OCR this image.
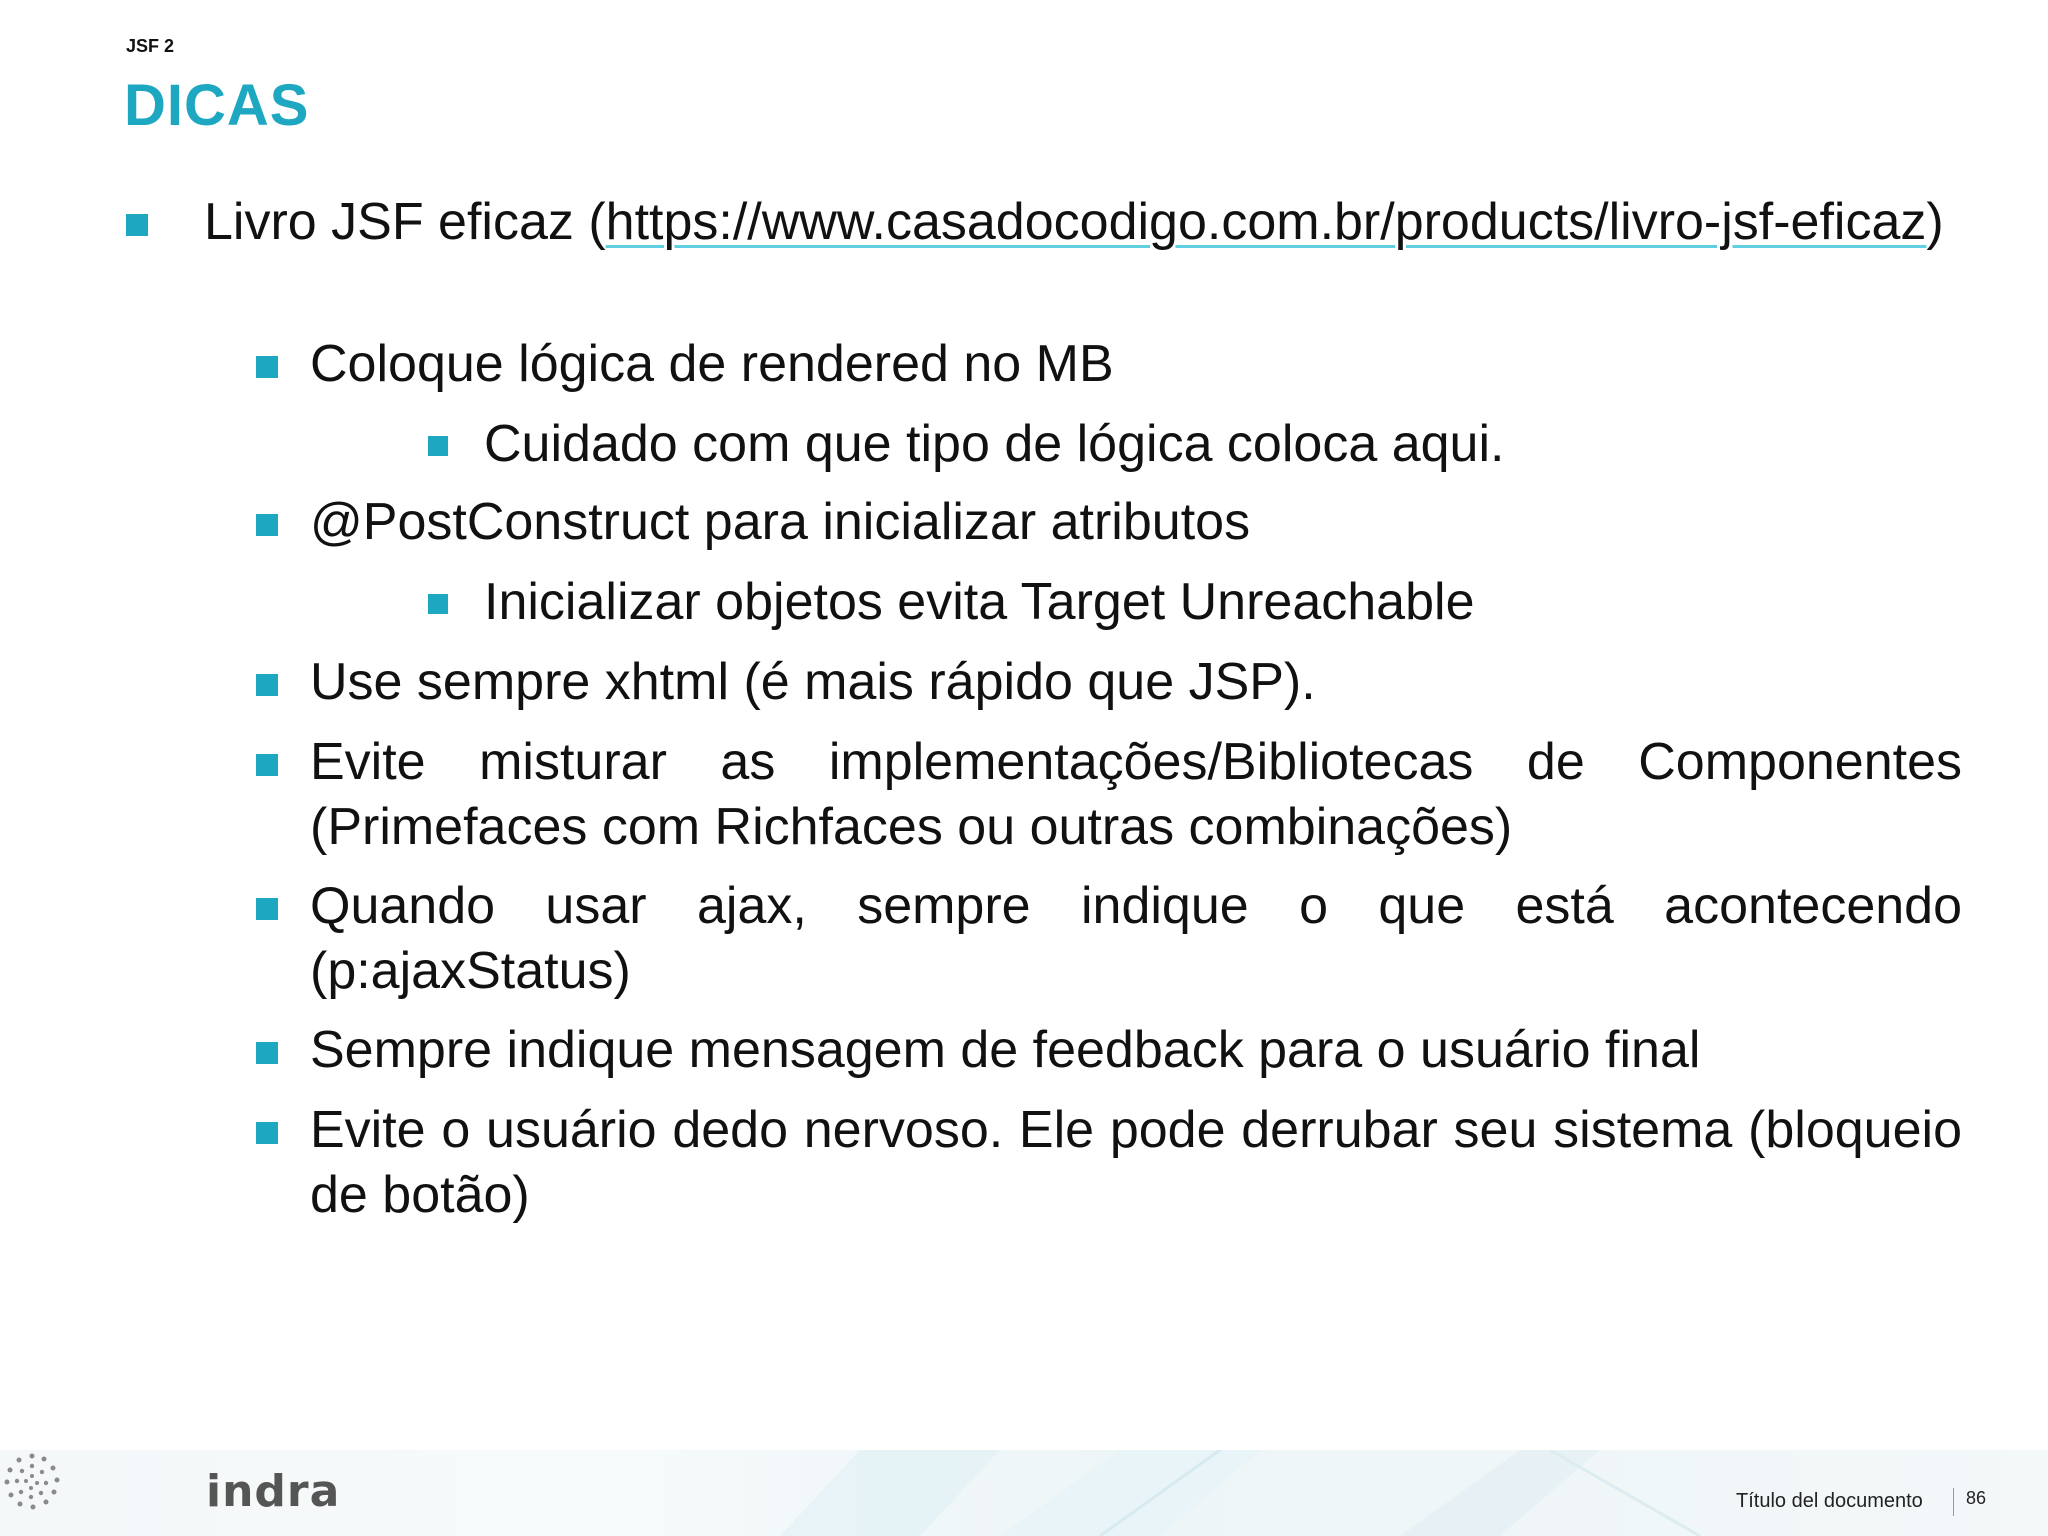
JSF 2
DICAS
Livro JSF eficaz (https://www.casadocodigo.com.br/products/livro-jsf-eficaz)
Coloque lógica de rendered no MB
Cuidado com que tipo de lógica coloca aqui.
@PostConstruct para inicializar atributos
Inicializar objetos evita Target Unreachable
Use sempre xhtml (é mais rápido que JSP).
Evite misturar as implementações/Bibliotecas de Componentes (Primefaces com Richfaces ou outras combinações)
Quando usar ajax, sempre indique o que está acontecendo (p:ajaxStatus)
Sempre indique mensagem de feedback para o usuário final
Evite o usuário dedo nervoso. Ele pode derrubar seu sistema (bloqueio de botão)
indra	Título del documento 86
